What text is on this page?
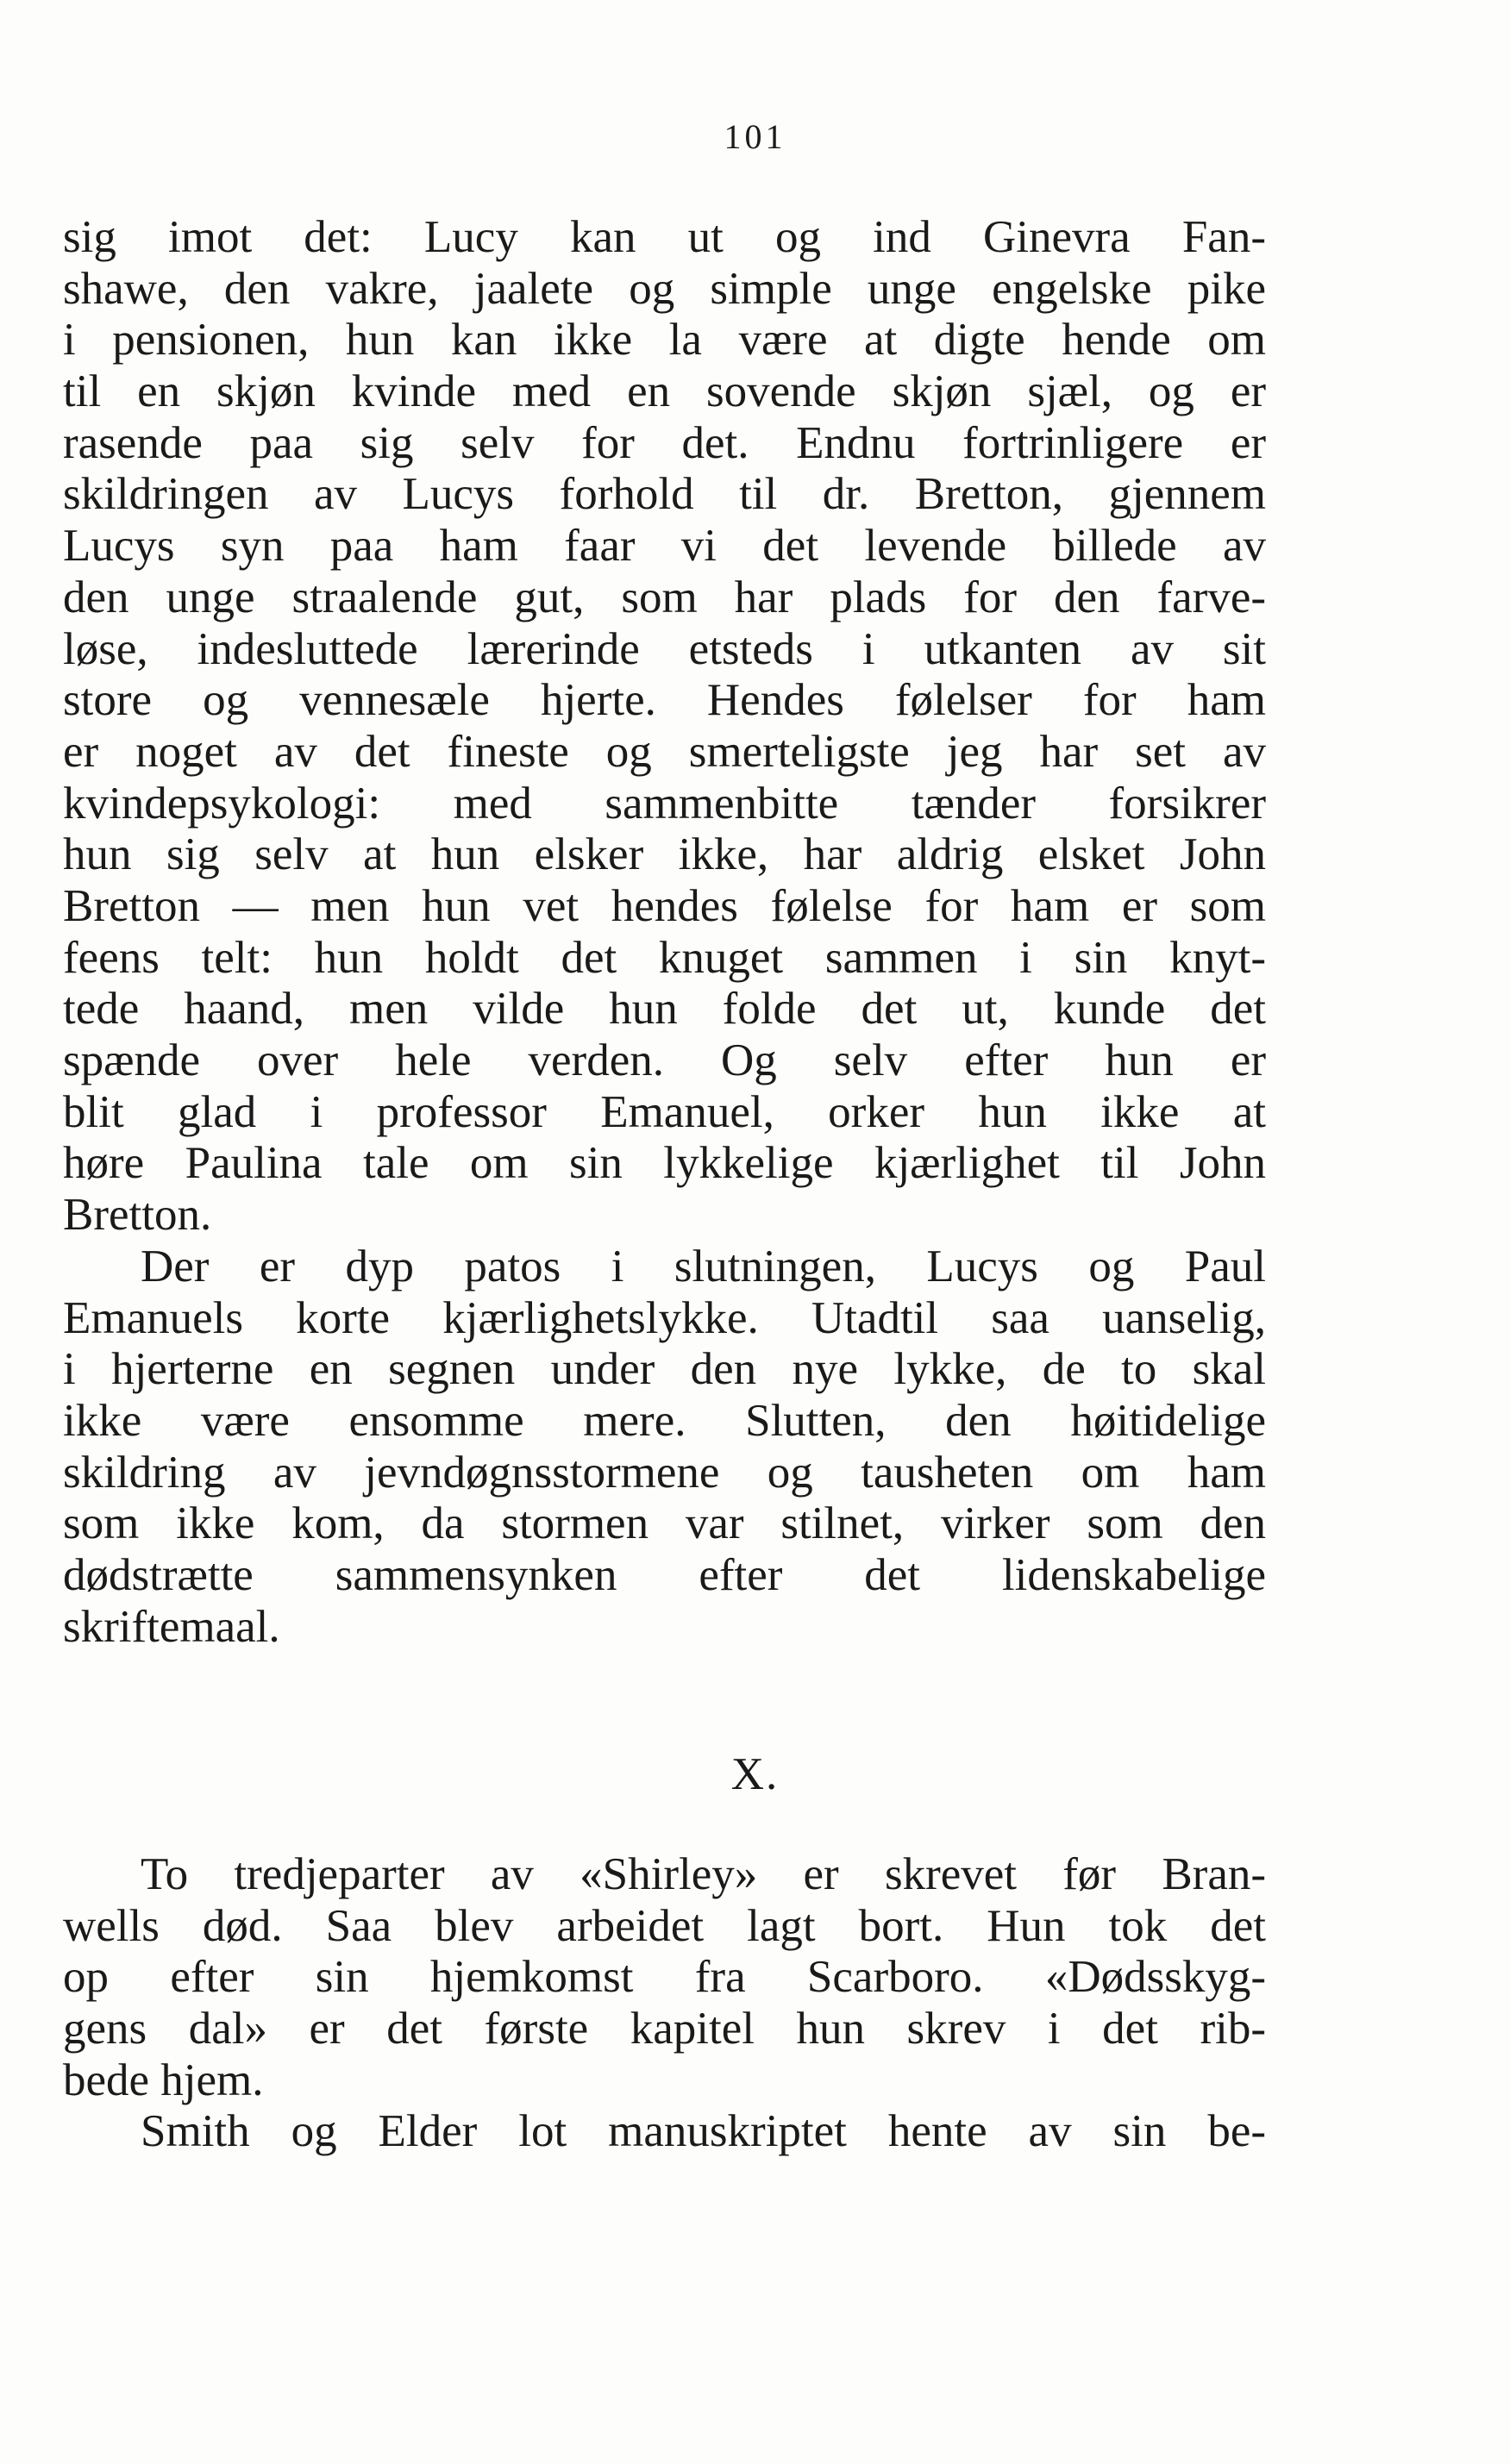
101
sig imot det: Lucy kan ut og ind Ginevra Fan-
shawe, den vakre, jaalete og simple unge engelske pike
i pensionen, hun kan ikke la være at digte hende om
til en skjøn kvinde med en sovende skjøn sjæl, og er
rasende paa sig selv for det. Endnu fortrinligere er
skildringen av Lucys forhold til dr. Bretton, gjennem
Lucys syn paa ham faar vi det levende billede av
den unge straalende gut, som har plads for den farve-
løse, indesluttede lærerinde etsteds i utkanten av sit
store og vennesæle hjerte. Hendes følelser for ham
er noget av det fineste og smerteligste jeg har set av
kvindepsykologi: med sammenbitte tænder forsikrer
hun sig selv at hun elsker ikke, har aldrig elsket John
Bretton — men hun vet hendes følelse for ham er som
feens telt: hun holdt det knuget sammen i sin knyt-
tede haand, men vilde hun folde det ut, kunde det
spænde over hele verden. Og selv efter hun er
blit glad i professor Emanuel, orker hun ikke at
høre Paulina tale om sin lykkelige kjærlighet til John
Bretton.
Der er dyp patos i slutningen, Lucys og Paul
Emanuels korte kjærlighetslykke. Utadtil saa uanselig,
i hjerterne en segnen under den nye lykke, de to skal
ikke være ensomme mere. Slutten, den høitidelige
skildring av jevndøgnsstormene og tausheten om ham
som ikke kom, da stormen var stilnet, virker som den
dødstrætte sammensynken efter det lidenskabelige
skriftemaal.
X.
To tredjeparter av «Shirley» er skrevet før Bran-
wells død. Saa blev arbeidet lagt bort. Hun tok det
op efter sin hjemkomst fra Scarboro. «Dødsskyg-
gens dal» er det første kapitel hun skrev i det rib-
bede hjem.
Smith og Elder lot manuskriptet hente av sin be-
